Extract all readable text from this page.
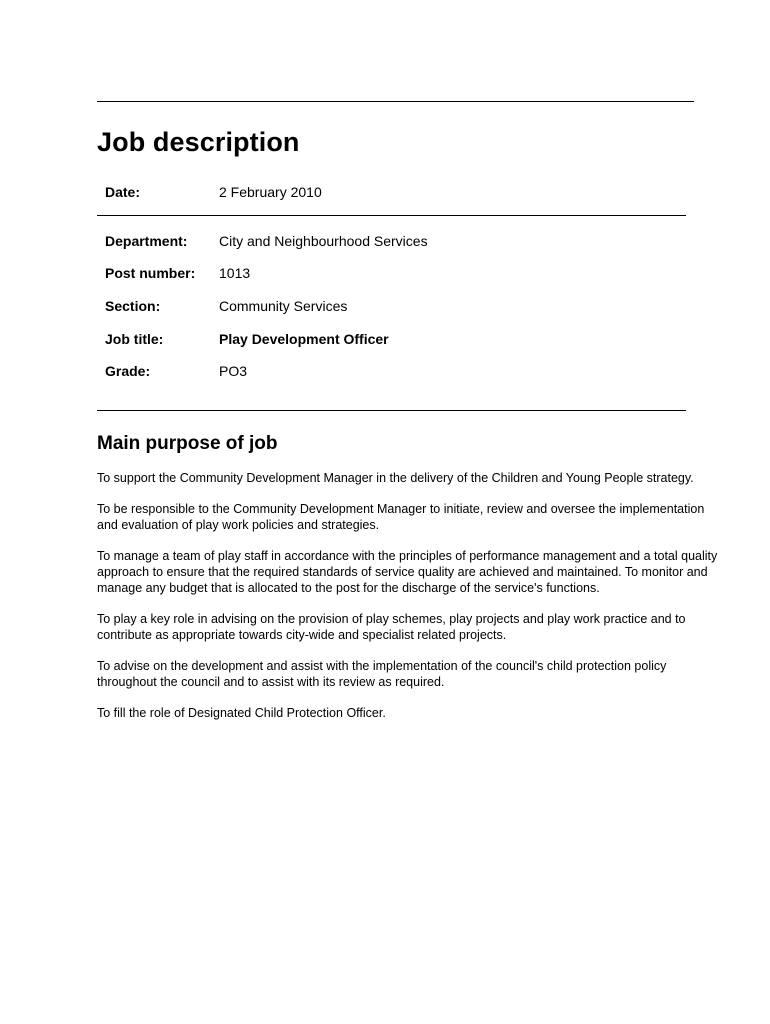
Job description
Date:	2 February 2010
Department: City and Neighbourhood Services
Post number: 1013
Section:	Community Services
Job title:	Play Development Officer
Grade:	PO3
Main purpose of job

To support the Community Development Manager in the delivery of the Children and Young People strategy.

To be responsible to the Community Development Manager to initiate, review and oversee the implementation and evaluation of play work policies and strategies.

To manage a team of play staff in accordance with the principles of performance management and a total quality approach to ensure that the required standards of service quality are achieved and maintained. To monitor and manage any budget that is allocated to the post for the discharge of the service's functions.

To play a key role in advising on the provision of play schemes, play projects and play work practice and to contribute as appropriate towards city-wide and specialist related projects.

To advise on the development and assist with the implementation of the council's child protection policy throughout the council and to assist with its review as required.

To fill the role of Designated Child Protection Officer.
